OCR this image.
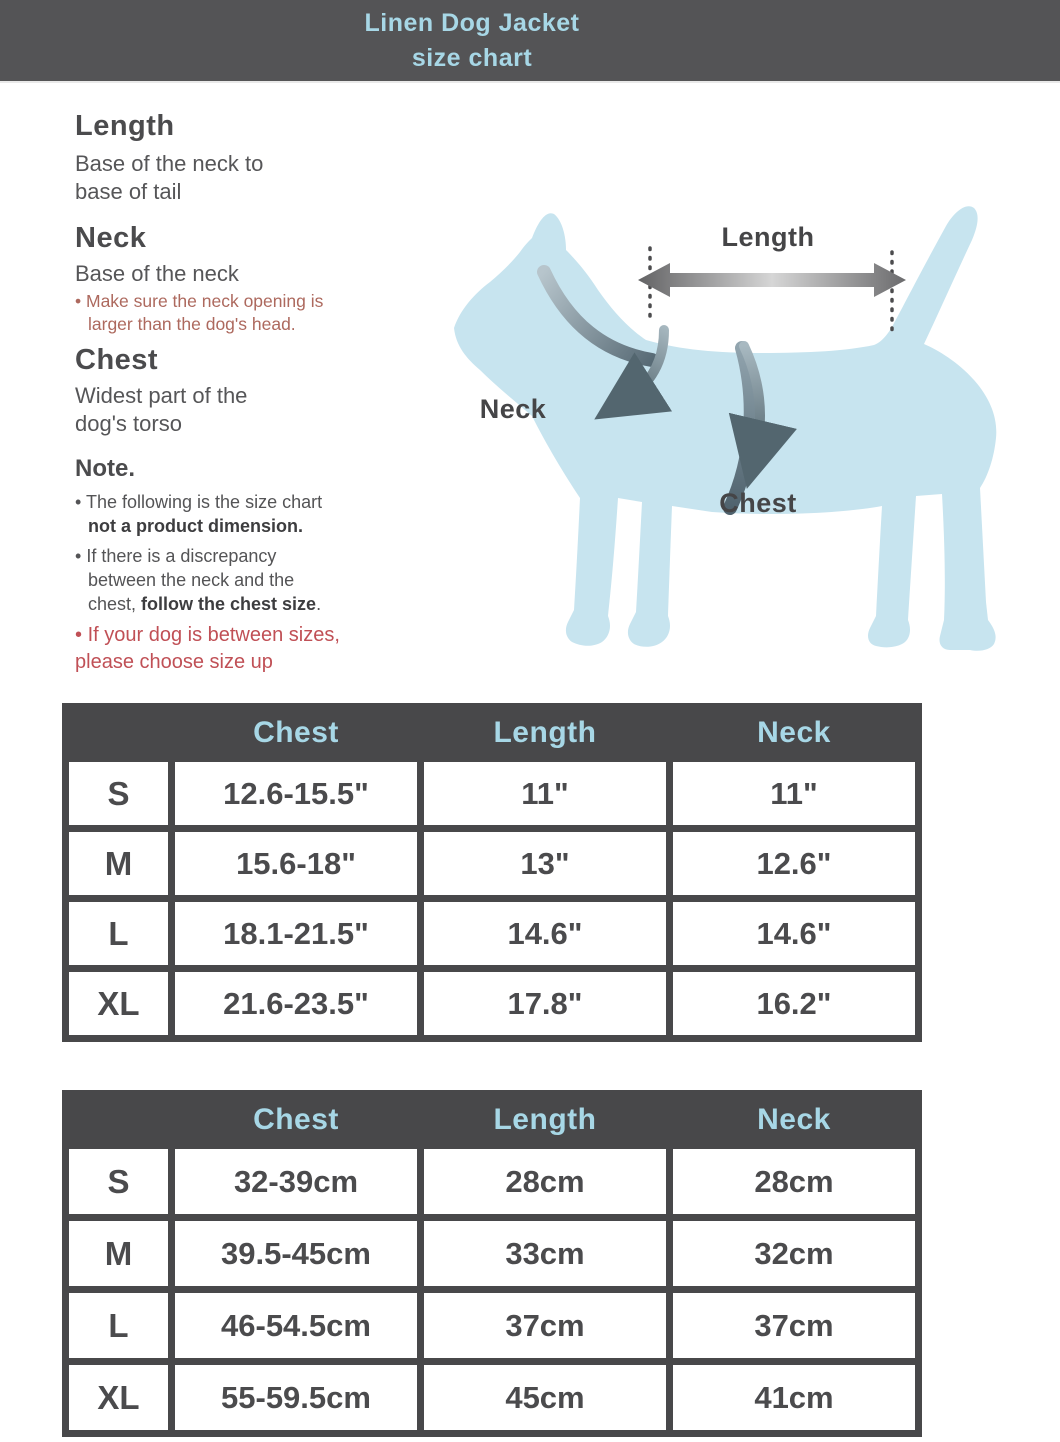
Linen Dog Jacket
size chart
Length
Base of the neck to base of tail
Neck
Base of the neck
• Make sure the neck opening is larger than the dog's head.
Chest
Widest part of the dog's torso
Note.
• The following is the size chart not a product dimension.
• If there is a discrepancy between the neck and the chest, follow the chest size.
• If your dog is between sizes, please choose size up
Length
Neck
Chest
	Chest	Length	Neck
S	12.6-15.5"	11"	11"
M	15.6-18"	13"	12.6"
L	18.1-21.5"	14.6"	14.6"
XL	21.6-23.5"	17.8"	16.2"
	Chest	Length	Neck
S	32-39cm	28cm	28cm
M	39.5-45cm	33cm	32cm
L	46-54.5cm	37cm	37cm
XL	55-59.5cm	45cm	41cm
